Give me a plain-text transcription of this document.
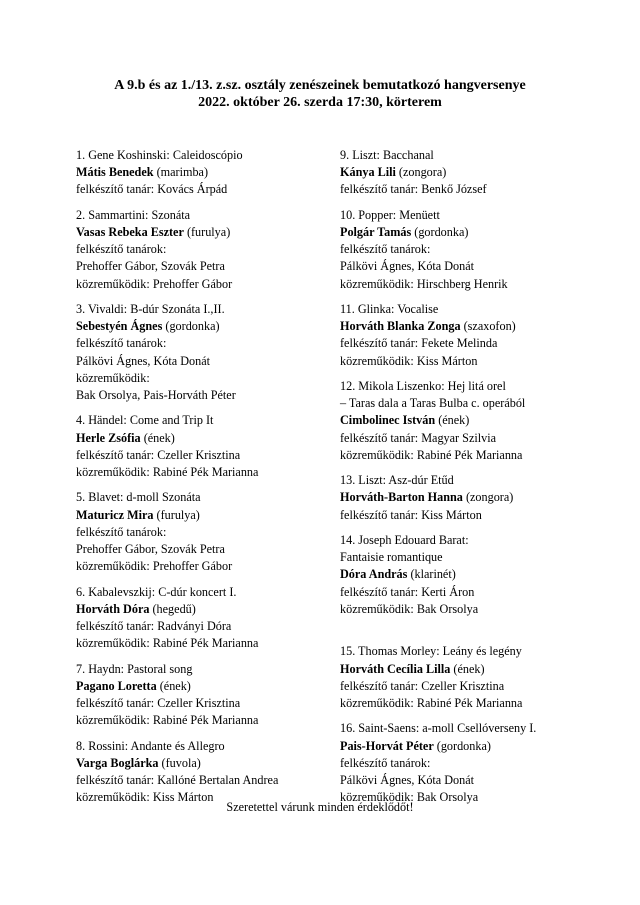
A 9.b és az 1./13. z.sz. osztály zenészeinek bemutatkozó hangversenye
2022. október 26. szerda 17:30, körterem
1. Gene Koshinski: Caleidoscópio
Mátis Benedek (marimba)
felkészítő tanár: Kovács Árpád
2. Sammartini: Szonáta
Vasas Rebeka Eszter (furulya)
felkészítő tanárok:
Prehoffer Gábor, Szovák Petra
közreműködik: Prehoffer Gábor
3. Vivaldi: B-dúr Szonáta I.,II.
Sebestyén Ágnes (gordonka)
felkészítő tanárok:
Pálkövi Ágnes, Kóta Donát
közreműködik:
Bak Orsolya, Pais-Horváth Péter
4. Händel: Come and Trip It
Herle Zsófia (ének)
felkészítő tanár: Czeller Krisztina
közreműködik: Rabiné Pék Marianna
5. Blavet: d-moll Szonáta
Maturicz Mira (furulya)
felkészítő tanárok:
Prehoffer Gábor, Szovák Petra
közreműködik: Prehoffer Gábor
6. Kabalevszkij: C-dúr koncert I.
Horváth Dóra (hegedű)
felkészítő tanár: Radványi Dóra
közreműködik: Rabiné Pék Marianna
7. Haydn: Pastoral song
Pagano Loretta (ének)
felkészítő tanár: Czeller Krisztina
közreműködik: Rabiné Pék Marianna
8. Rossini: Andante és Allegro
Varga Boglárka (fuvola)
felkészítő tanár: Kallóné Bertalan Andrea
közreműködik: Kiss Márton
9. Liszt: Bacchanal
Kánya Lili (zongora)
felkészítő tanár: Benkő József
10. Popper: Menüett
Polgár Tamás (gordonka)
felkészítő tanárok:
Pálkövi Ágnes, Kóta Donát
közreműködik: Hirschberg Henrik
11. Glinka: Vocalise
Horváth Blanka Zonga (szaxofon)
felkészítő tanár: Fekete Melinda
közreműködik: Kiss Márton
12. Mikola Liszenko: Hej litá orel
– Taras dala a Taras Bulba c. operából
Cimbolinec István (ének)
felkészítő tanár: Magyar Szilvia
közreműködik: Rabiné Pék Marianna
13. Liszt: Asz-dúr Etűd
Horváth-Barton Hanna (zongora)
felkészítő tanár: Kiss Márton
14. Joseph Edouard Barat:
Fantaisie romantique
Dóra András (klarinét)
felkészítő tanár: Kerti Áron
közreműködik: Bak Orsolya
15. Thomas Morley: Leány és legény
Horváth Cecília Lilla (ének)
felkészítő tanár: Czeller Krisztina
közreműködik: Rabiné Pék Marianna
16. Saint-Saens: a-moll Csellóverseny I.
Pais-Horvát Péter (gordonka)
felkészítő tanárok:
Pálkövi Ágnes, Kóta Donát
közreműködik: Bak Orsolya
Szeretettel várunk minden érdeklődőt!
